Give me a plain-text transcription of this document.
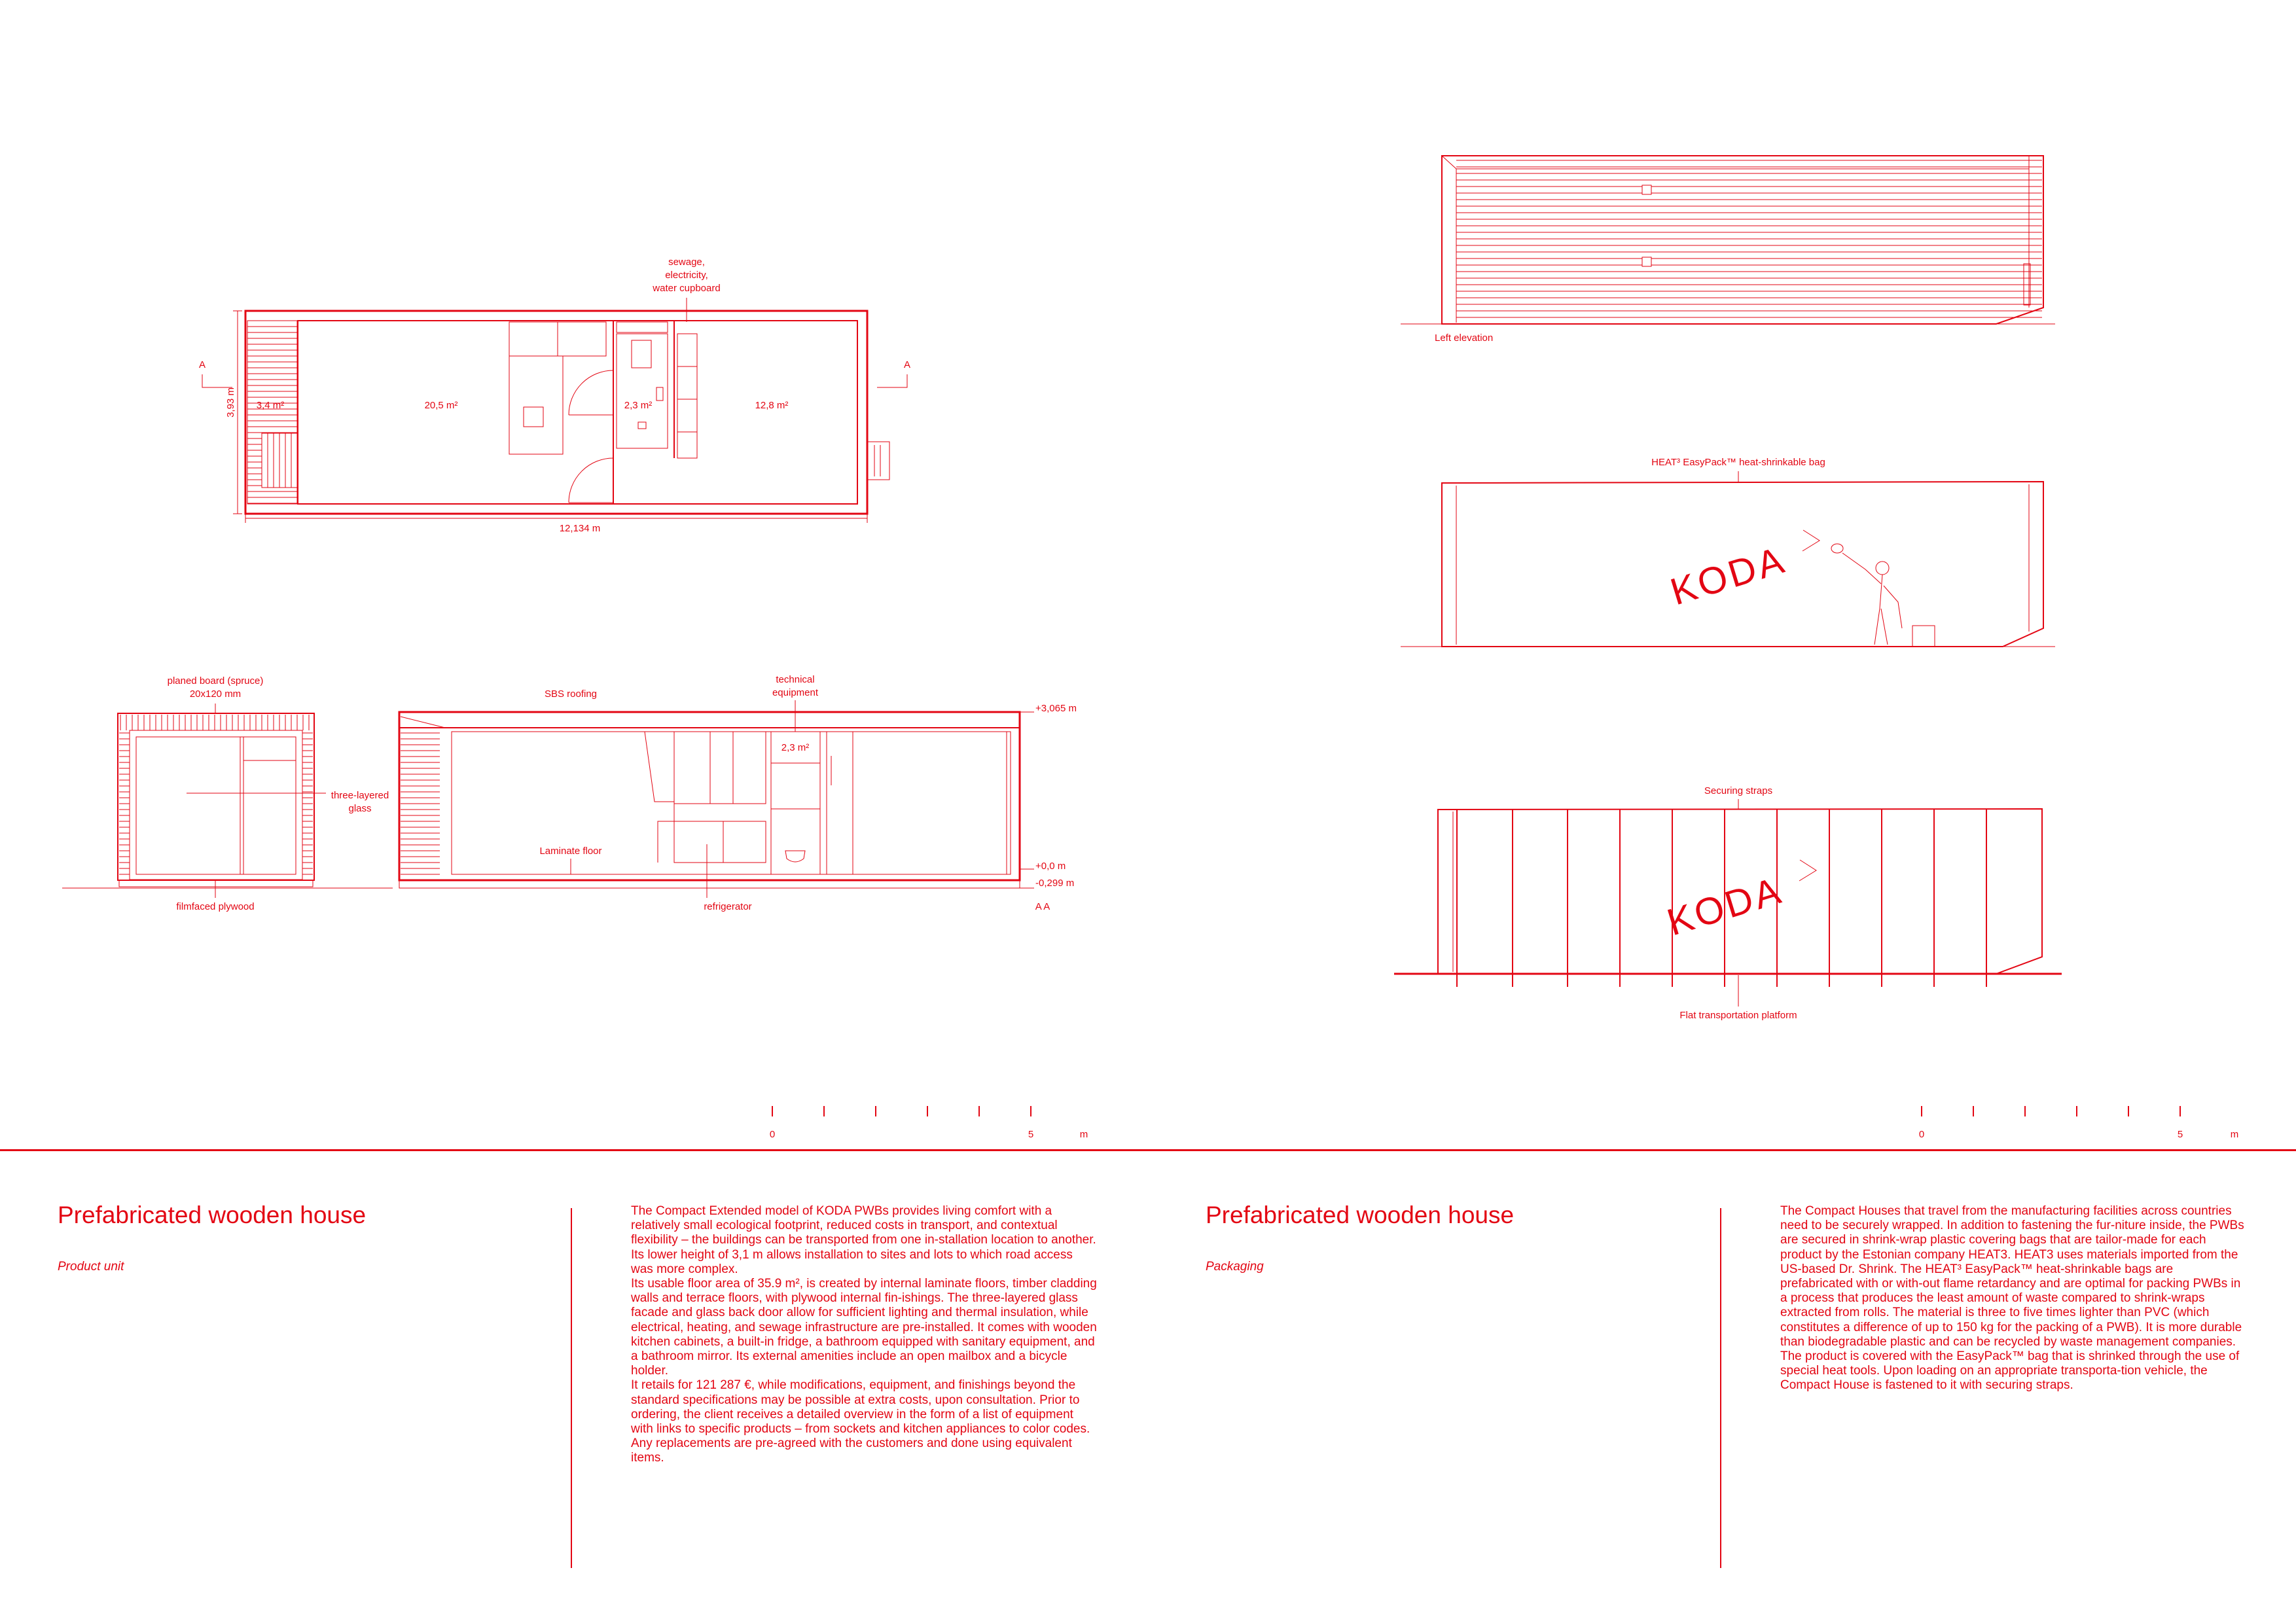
sewage, electricity, water cupboard
A	A
3,4 m²	20,5 m²	2,3 m²	12,8 m²
3,93 m
12,134 m
planed board (spruce) 20x120 mm
three-layered glass
filmfaced plywood
SBS roofing
technical equipment
2,3 m²
Laminate floor
refrigerator
+3,065 m
+0,0 m
-0,299 m
A A
Left elevation
HEAT³ EasyPack™ heat-shrinkable bag
KODA
Securing straps
KODA
Flat transportation platform
0	5	m	0	5	m
Prefabricated wooden house

Product unit

The Compact Extended model of KODA PWBs provides living comfort with a relatively small ecological footprint, reduced costs in transport, and contextual flexibility – the buildings can be transported from one in-stallation location to another. Its lower height of 3,1 m allows installation to sites and lots to which road access was more complex.
Its usable floor area of 35.9 m², is created by internal laminate floors, timber cladding walls and terrace floors, with plywood internal fin-ishings. The three-layered glass facade and glass back door allow for sufficient lighting and thermal insulation, while electrical, heating, and sewage infrastructure are pre-installed. It comes with wooden kitchen cabinets, a built-in fridge, a bathroom equipped with sanitary equipment, and a bathroom mirror. Its external amenities include an open mailbox and a bicycle holder.
It retails for 121 287 €, while modifications, equipment, and finishings beyond the standard specifications may be possible at extra costs, upon consultation. Prior to ordering, the client receives a detailed overview in the form of a list of equipment with links to specific products – from sockets and kitchen appliances to color codes. Any replacements are pre-agreed with the customers and done using equivalent items.

Prefabricated wooden house

Packaging

The Compact Houses that travel from the manufacturing facilities across countries need to be securely wrapped. In addition to fastening the fur-niture inside, the PWBs are secured in shrink-wrap plastic covering bags that are tailor-made for each product by the Estonian company HEAT3. HEAT3 uses materials imported from the US-based Dr. Shrink. The HEAT³ EasyPack™ heat-shrinkable bags are prefabricated with or with-out flame retardancy and are optimal for packing PWBs in a process that produces the least amount of waste compared to shrink-wraps extracted from rolls. The material is three to five times lighter than PVC (which constitutes a difference of up to 150 kg for the packing of a PWB). It is more durable than biodegradable plastic and can be recycled by waste management companies.
The product is covered with the EasyPack™ bag that is shrinked through the use of special heat tools. Upon loading on an appropriate transporta-tion vehicle, the Compact House is fastened to it with securing straps.
